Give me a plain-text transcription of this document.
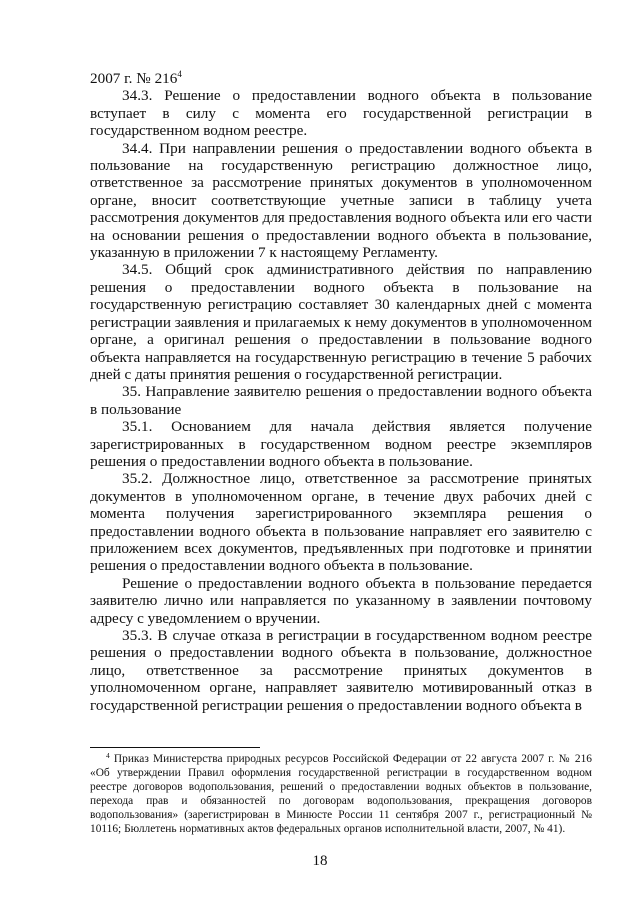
2007 г. № $216^4$

34.3. Решение о предоставлении водного объекта в пользование вступает в силу с момента его государственной регистрации в государственном водном реестре.

34.4. При направлении решения о предоставлении водного объекта в пользование на государственную регистрацию должностное лицо, ответственное за рассмотрение принятых документов в уполномоченном органе, вносит соответствующие учетные записи в таблицу учета рассмотрения документов для предоставления водного объекта или его части на основании решения о предоставлении водного объекта в пользование, указанную в приложении 7 к настоящему Регламенту.

34.5. Общий срок административного действия по направлению решения о предоставлении водного объекта в пользование на государственную регистрацию составляет 30 календарных дней с момента регистрации заявления и прилагаемых к нему документов в уполномоченном органе, а оригинал решения о предоставлении в пользование водного объекта направляется на государственную регистрацию в течение 5 рабочих дней с даты принятия решения о государственной регистрации.

35. Направление заявителю решения о предоставлении водного объекта в пользование

35.1. Основанием для начала действия является получение зарегистрированных в государственном водном реестре экземпляров решения о предоставлении водного объекта в пользование.

35.2. Должностное лицо, ответственное за рассмотрение принятых документов в уполномоченном органе, в течение двух рабочих дней с момента получения зарегистрированного экземпляра решения о предоставлении водного объекта в пользование направляет его заявителю с приложением всех документов, предъявленных при подготовке и принятии решения о предоставлении водного объекта в пользование.

Решение о предоставлении водного объекта в пользование передается заявителю лично или направляется по указанному в заявлении почтовому адресу с уведомлением о вручении.

35.3. В случае отказа в регистрации в государственном водном реестре решения о предоставлении водного объекта в пользование, должностное лицо, ответственное за рассмотрение принятых документов в уполномоченном органе, направляет заявителю мотивированный отказ в государственной регистрации решения о предоставлении водного объекта в

$^4$ Приказ Министерства природных ресурсов Российской Федерации от 22 августа 2007 г. № 216 «Об утверждении Правил оформления государственной регистрации в государственном водном реестре договоров водопользования, решений о предоставлении водных объектов в пользование, перехода прав и обязанностей по договорам водопользования, прекращения договоров водопользования» (зарегистрирован в Минюсте России 11 сентября 2007 г., регистрационный № 10116; Бюллетень нормативных актов федеральных органов исполнительной власти, 2007, № 41).

18
